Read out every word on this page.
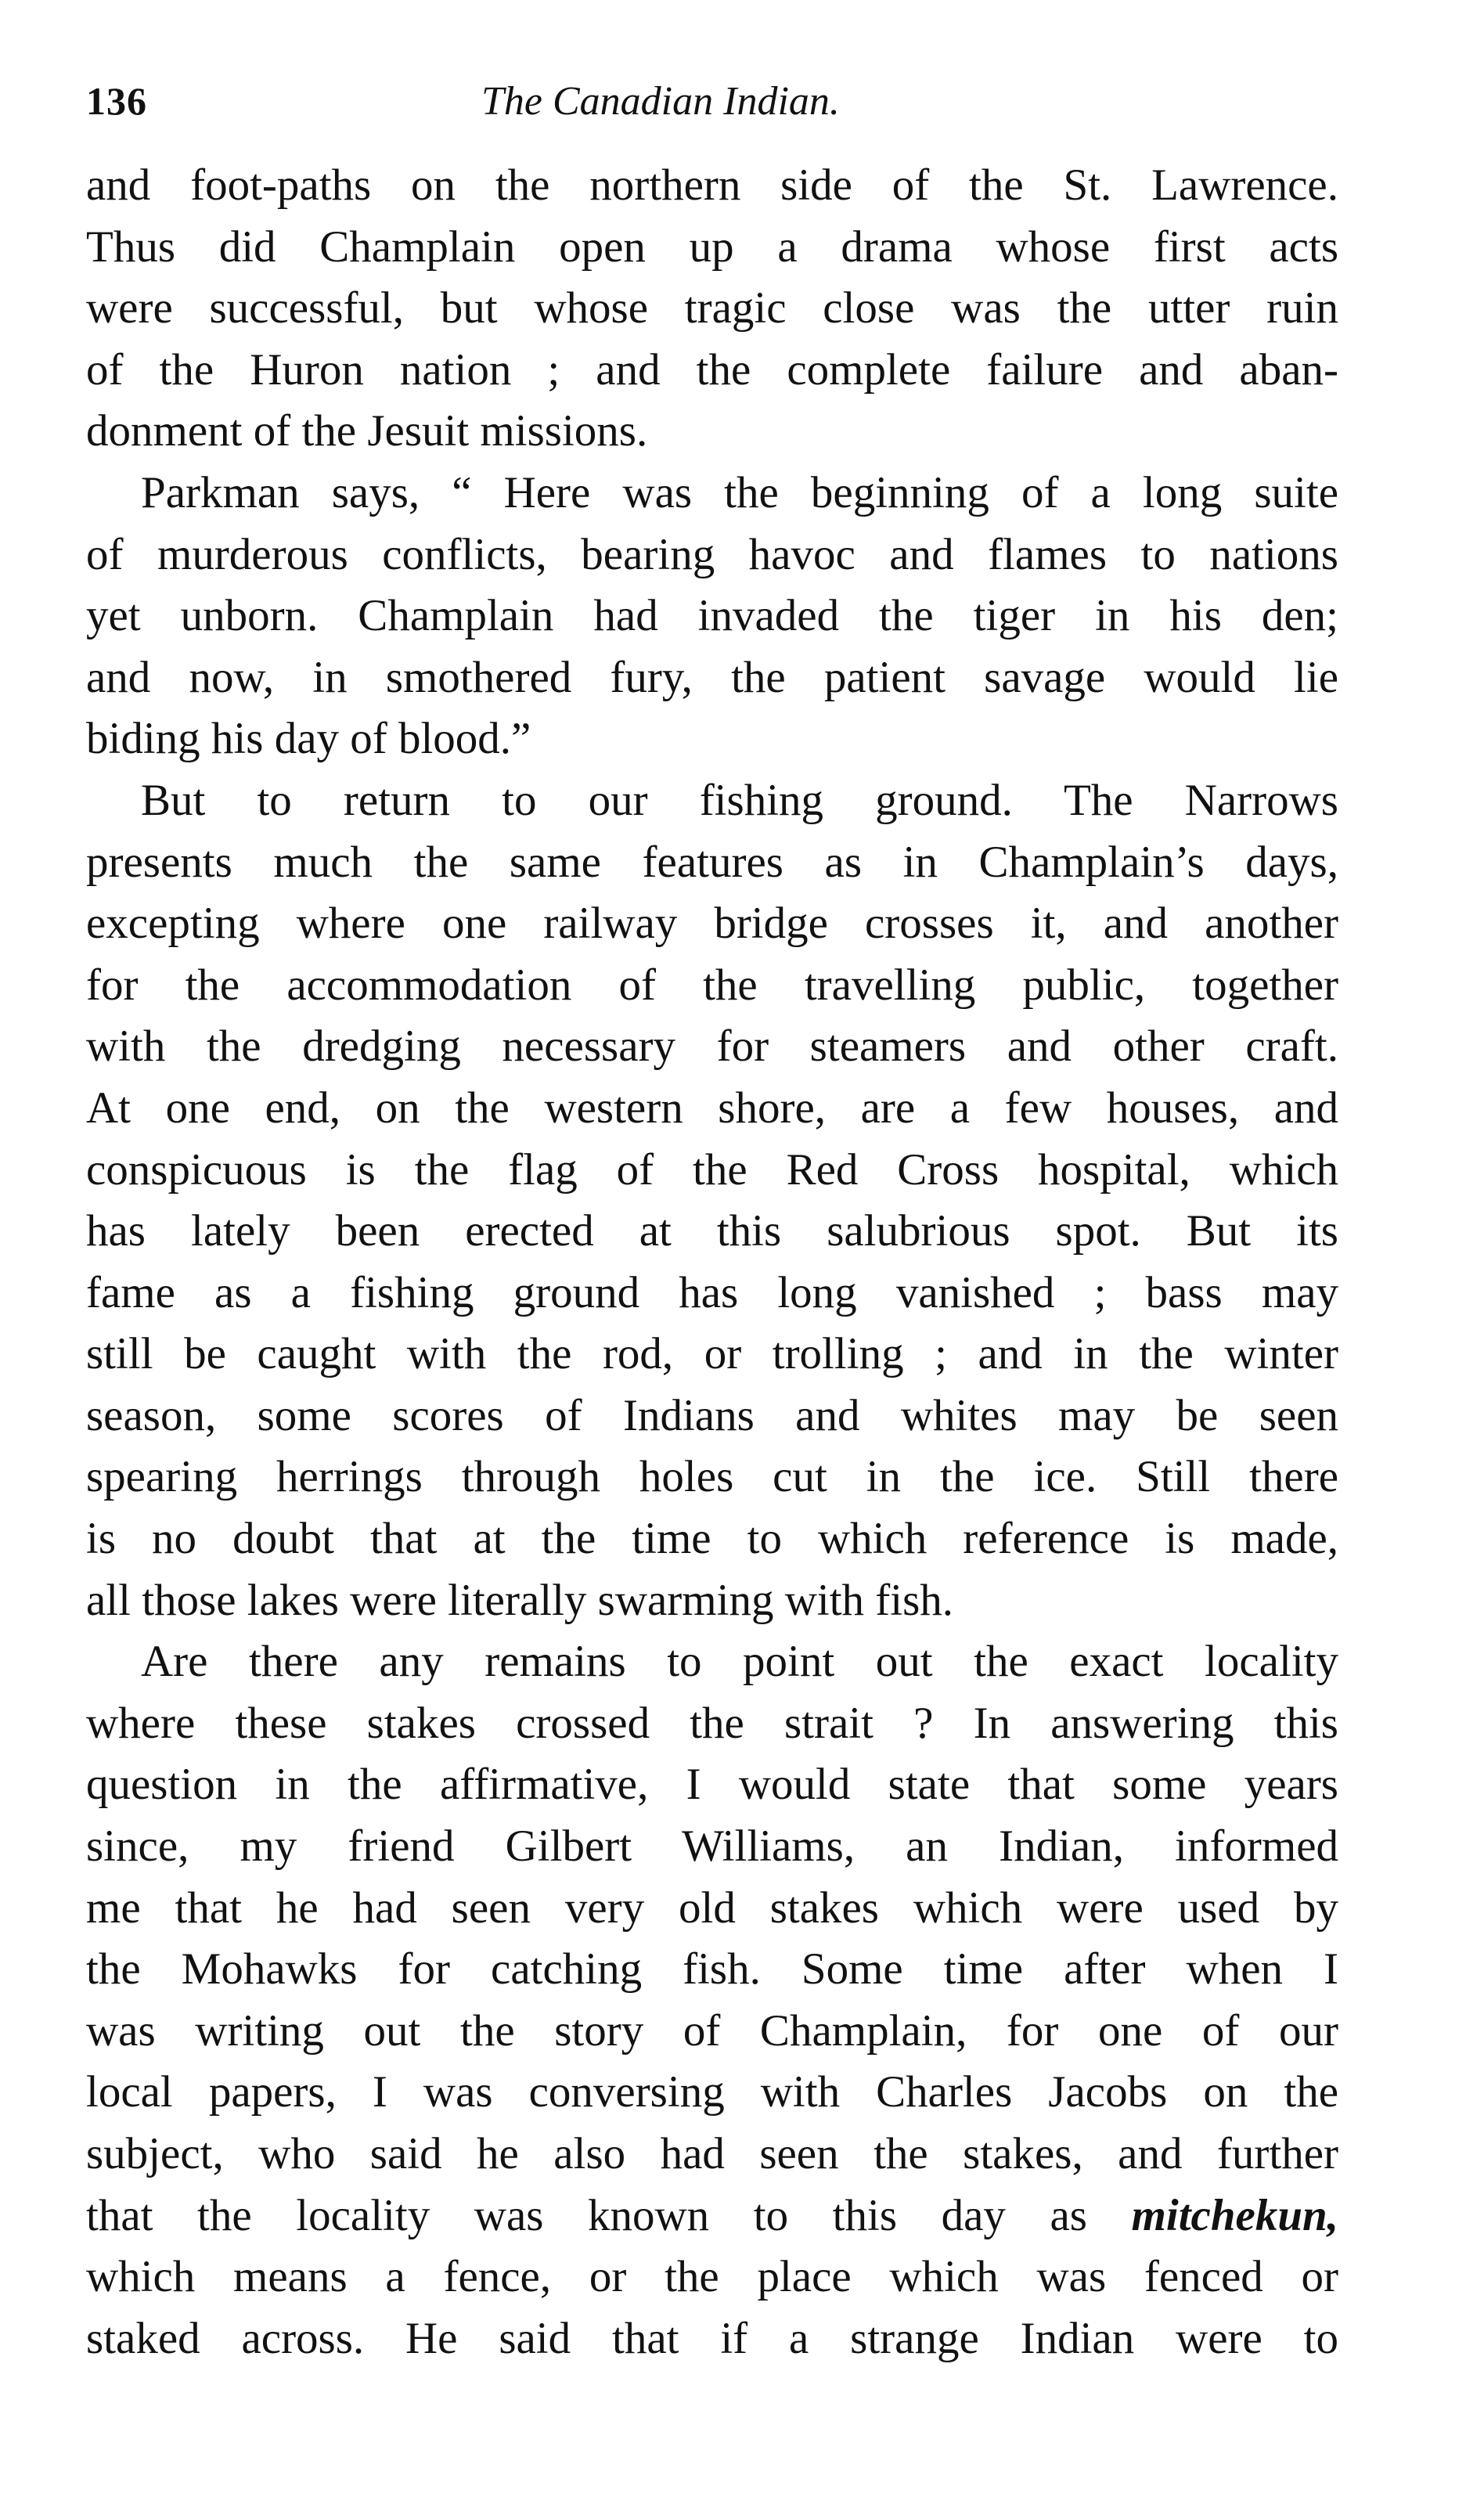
136	The Canadian Indian.
and foot-paths on the northern side of the St. Lawrence.
Thus did Champlain open up a drama whose first acts
were successful, but whose tragic close was the utter ruin
of the Huron nation ; and the complete failure and aban-
donment of the Jesuit missions.
Parkman says, “ Here was the beginning of a long suite
of murderous conflicts, bearing havoc and flames to nations
yet unborn. Champlain had invaded the tiger in his den;
and now, in smothered fury, the patient savage would lie
biding his day of blood.”
But to return to our fishing ground. The Narrows
presents much the same features as in Champlain’s days,
excepting where one railway bridge crosses it, and another
for the accommodation of the travelling public, together
with the dredging necessary for steamers and other craft.
At one end, on the western shore, are a few houses, and
conspicuous is the flag of the Red Cross hospital, which
has lately been erected at this salubrious spot. But its
fame as a fishing ground has long vanished ; bass may
still be caught with the rod, or trolling ; and in the winter
season, some scores of Indians and whites may be seen
spearing herrings through holes cut in the ice. Still there
is no doubt that at the time to which reference is made,
all those lakes were literally swarming with fish.
Are there any remains to point out the exact locality
where these stakes crossed the strait ? In answering this
question in the affirmative, I would state that some years
since, my friend Gilbert Williams, an Indian, informed
me that he had seen very old stakes which were used by
the Mohawks for catching fish. Some time after when I
was writing out the story of Champlain, for one of our
local papers, I was conversing with Charles Jacobs on the
subject, who said he also had seen the stakes, and further
that the locality was known to this day as mitchekun,
which means a fence, or the place which was fenced or
staked across. He said that if a strange Indian were to
